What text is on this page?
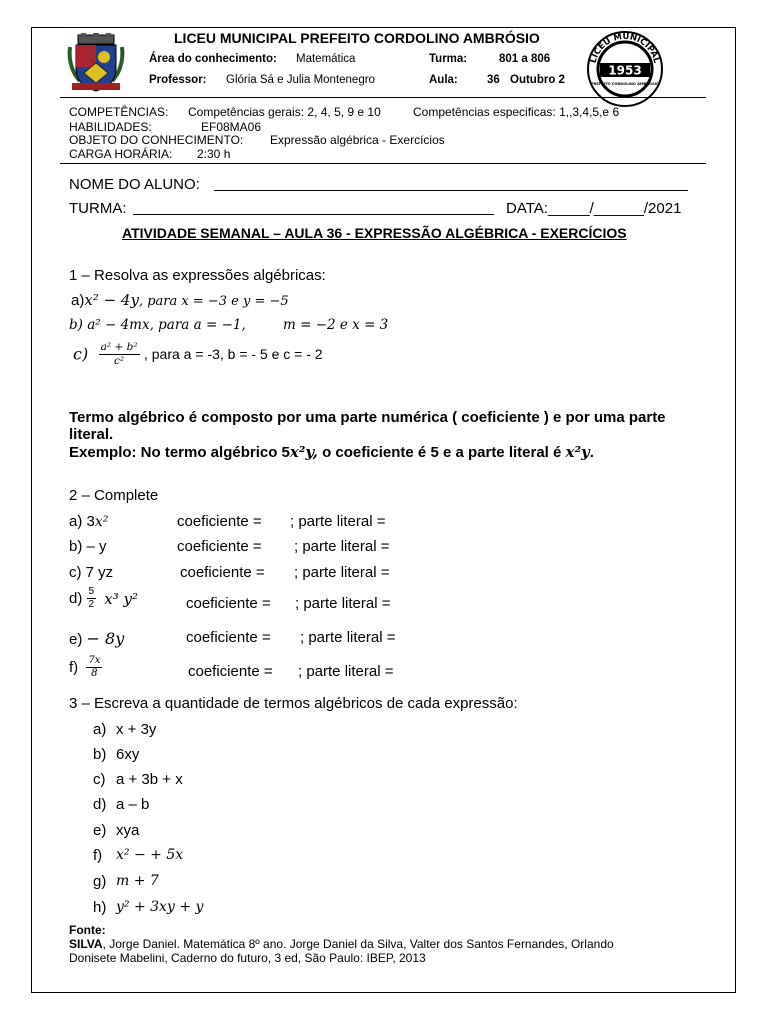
LICEU MUNICIPAL
1953
PREFEITO CORDOLINO AMBRÓSIO
LICEU MUNICIPAL PREFEITO CORDOLINO AMBRÓSIO
Área do conhecimento: Matemática	Turma:	801 a 806
Professor: Glória Sá e Julia Montenegro	Aula:	36 Outubro 2
COMPETÊNCIAS: Competências gerais: 2, 4, 5, 9 e 10	Competências especificas: 1,,3,4,5,e 6
HABILIDADES:	EF08MA06
OBJETO DO CONHECIMENTO: Expressão algébrica - Exercícios
CARGA HORÁRIA: 2:30 h
NOME DO ALUNO:
TURMA:	DATA:_____/______/2021
ATIVIDADE SEMANAL – AULA 36 - EXPRESSÃO ALGÉBRICA - EXERCÍCIOS
1 – Resolva as expressões algébricas:
a)x² − 4y, para x = −3 e y = −5
b) a² − 4mx, para a = −1,	m = −2 e x = 3
$c) \frac{\text{a² + b²}}{\text{c²}}$ , para a = -3, b = - 5 e c = - 2
Termo algébrico é composto por uma parte numérica ( coeficiente ) e por uma parte
literal.
Exemplo: No termo algébrico 5x²y, o coeficiente é 5 e a parte literal é x²y.
2 – Complete
a) 3x²	coeficiente = ; parte literal =
b) – y	coeficiente = ; parte literal =
c) 7 yz	coeficiente = ; parte literal =
$d) \frac{5}{2} x^3$ y²	coeficiente = ; parte literal =
e) − 8y	coeficiente = ; parte literal =
$f) \frac{7x}{8}$	coeficiente = ; parte literal =
3 – Escreva a quantidade de termos algébricos de cada expressão:
a) x + 3y
b) 6xy
c) a + 3b + x
d) a – b
e) xya
f) x² − + 5x
g) m + 7
h) y² + 3xy + y
Fonte:
SILVA, Jorge Daniel. Matemática 8º ano. Jorge Daniel da Silva, Valter dos Santos Fernandes, Orlando
Donisete Mabelini, Caderno do futuro, 3 ed, São Paulo: IBEP, 2013
